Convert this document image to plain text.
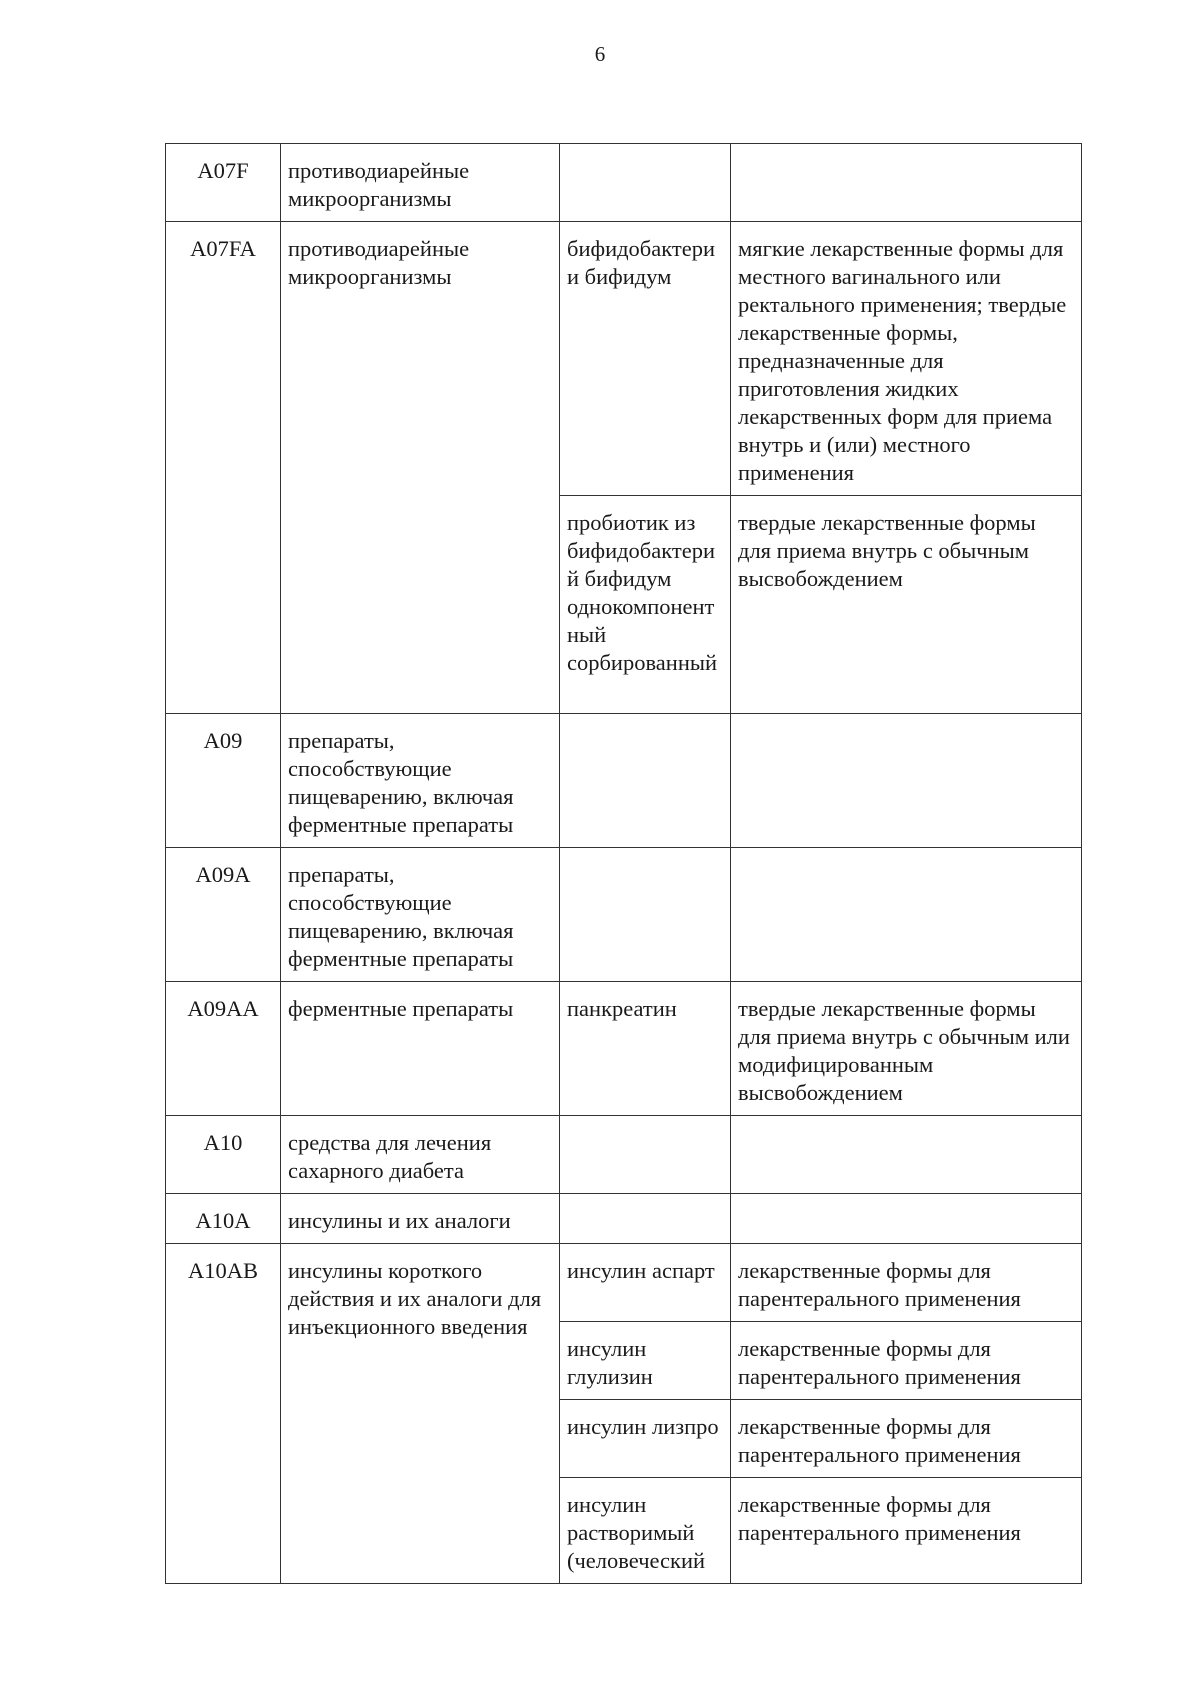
6
A07F	противодиарейные микроорганизмы		
A07FA	противодиарейные микроорганизмы	бифидобактерии бифидум	мягкие лекарственные формы для местного вагинального или ректального применения; твердые лекарственные формы, предназначенные для приготовления жидких лекарственных форм для приема внутрь и (или) местного применения
		пробиотик из бифидобактерий бифидум однокомпонентный сорбированный	твердые лекарственные формы для приема внутрь с обычным высвобождением
A09	препараты, способствующие пищеварению, включая ферментные препараты		
A09A	препараты, способствующие пищеварению, включая ферментные препараты		
A09AA	ферментные препараты	панкреатин	твердые лекарственные формы для приема внутрь с обычным или модифицированным высвобождением
A10	средства для лечения сахарного диабета		
A10A	инсулины и их аналоги		
A10AB	инсулины короткого действия и их аналоги для инъекционного введения	инсулин аспарт	лекарственные формы для парентерального применения
		инсулин глулизин	лекарственные формы для парентерального применения
		инсулин лизпро	лекарственные формы для парентерального применения
		инсулин растворимый (человеческий	лекарственные формы для парентерального применения
